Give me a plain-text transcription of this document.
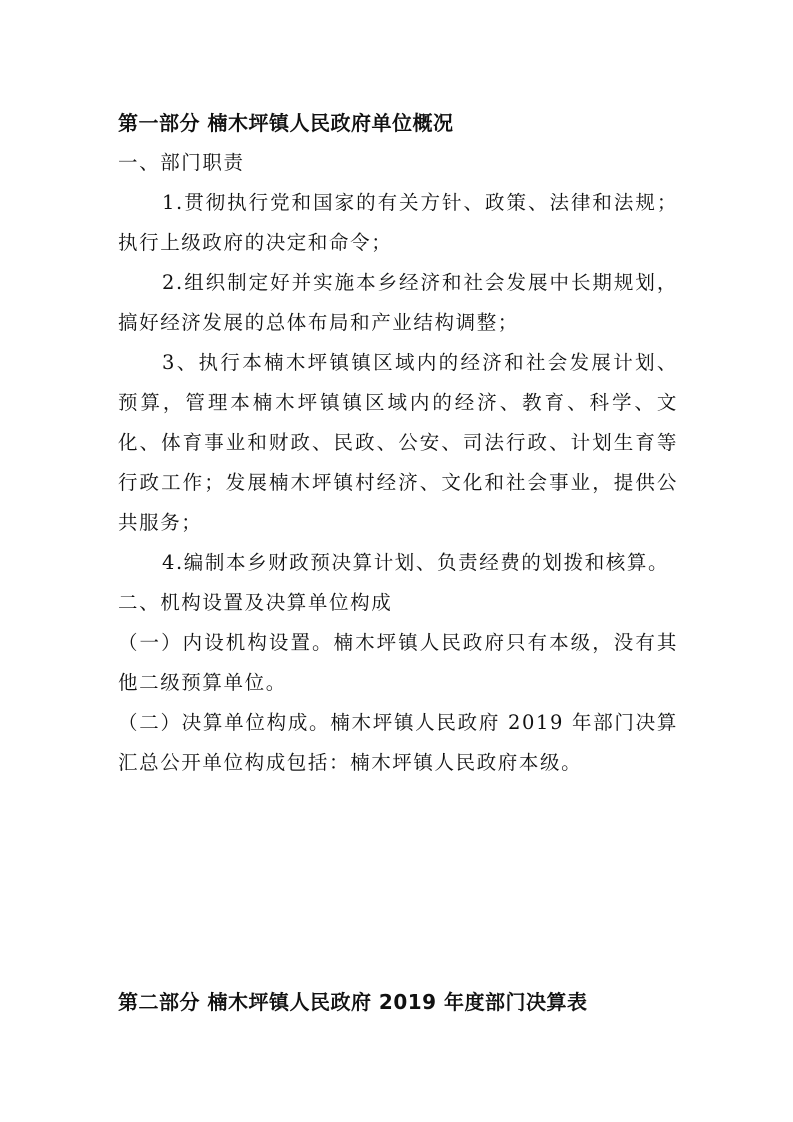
第一部分 楠木坪镇人民政府单位概况
一、部门职责

1.贯彻执行党和国家的有关方针、政策、法律和法规；执行上级政府的决定和命令；

2.组织制定好并实施本乡经济和社会发展中长期规划，搞好经济发展的总体布局和产业结构调整；

3、执行本楠木坪镇镇区域内的经济和社会发展计划、预算，管理本楠木坪镇镇区域内的经济、教育、科学、文化、体育事业和财政、民政、公安、司法行政、计划生育等行政工作；发展楠木坪镇村经济、文化和社会事业，提供公共服务；

4.编制本乡财政预决算计划、负责经费的划拨和核算。

二、机构设置及决算单位构成

（一）内设机构设置。楠木坪镇人民政府只有本级，没有其他二级预算单位。

（二）决算单位构成。楠木坪镇人民政府 2019 年部门决算汇总公开单位构成包括：楠木坪镇人民政府本级。

第二部分 楠木坪镇人民政府 2019 年度部门决算表
